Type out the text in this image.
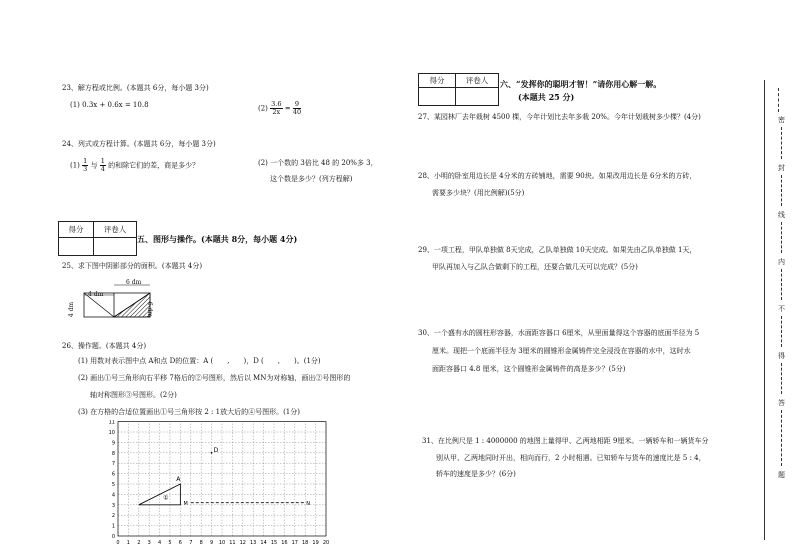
23、解方程或比例。(本题共 6分，每小题 3分)
(1) 0.3x + 0.6x = 10.8	$(2) \frac{3.6}{2x} = \frac{9}{40}$
24、列式或方程计算。(本题共 6分，每小题 3分)
$(1) \frac{1}{3}$ 与 $\frac{1}{4}$ 的和除它们的差，商是多少？	(2) 一个数的 3倍比 48 的 20%多 3，
这个数是多少？(列方程解)
得分	评卷人

五、图形与操作。(本题共 8分，每小题 4分)
25、求下图中阴影部分的面积。(本题共 4分)
6 dm
4 dm
4 dm	6 dm
26、操作题。(本题共 4分)
(1) 用数对表示图中点 A和点 D的位置：A (　　,　　)，D (　　,　　)。(1分)
(2) 画出①号三角形向右平移 7格后的②号图形，然后以 MN为对称轴，画出②号图形的
轴对称图形③号图形。(2分)
(3) 在方格的合适位置画出①号三角形按 2 : 1放大后的④号图形。(1分)
0 1 2 3 4 5 6 7 8 9 10 11 12 13 14 15 16 17 18 19 20
0
1
2
3
4
5
6
7
8
9
10
11
①
A
D
M	N
得分	评卷人
	六、“发挥你的聪明才智！”请你用心解一解。
(本题共 25 分)
27、某园林厂去年栽树 4500 棵，今年计划比去年多栽 20%。今年计划栽树多少棵？(4分)
28、小明的卧室用边长是 4分米的方砖铺地，需要 90块。如果改用边长是 6分米的方砖，
需要多少块？(用比例解)(5分)
29、一项工程，甲队单独做 8天完成，乙队单独做 10天完成。如果先由乙队单独做 1天，
甲队再加入与乙队合做剩下的工程，还要合做几天可以完成？(5分)
30、一个盛有水的圆柱形容器，水面距容器口 6厘米，从里面量得这个容器的底面半径为 5
厘米。现把一个底面半径为 3厘米的圆锥形金属铸件完全浸没在容器的水中，这时水
面距容器口 4.8 厘米，这个圆锥形金属铸件的高是多少？(5分)
31、在比例尺是 1 : 4000000 的地图上量得甲、乙两地相距 9厘米。一辆轿车和一辆货车分
别从甲、乙两地同时开出，相向而行，2 小时相遇。已知轿车与货车的速度比是 5 : 4，
轿车的速度是多少？(6分)
密
封
线
内
不
得
答
题
